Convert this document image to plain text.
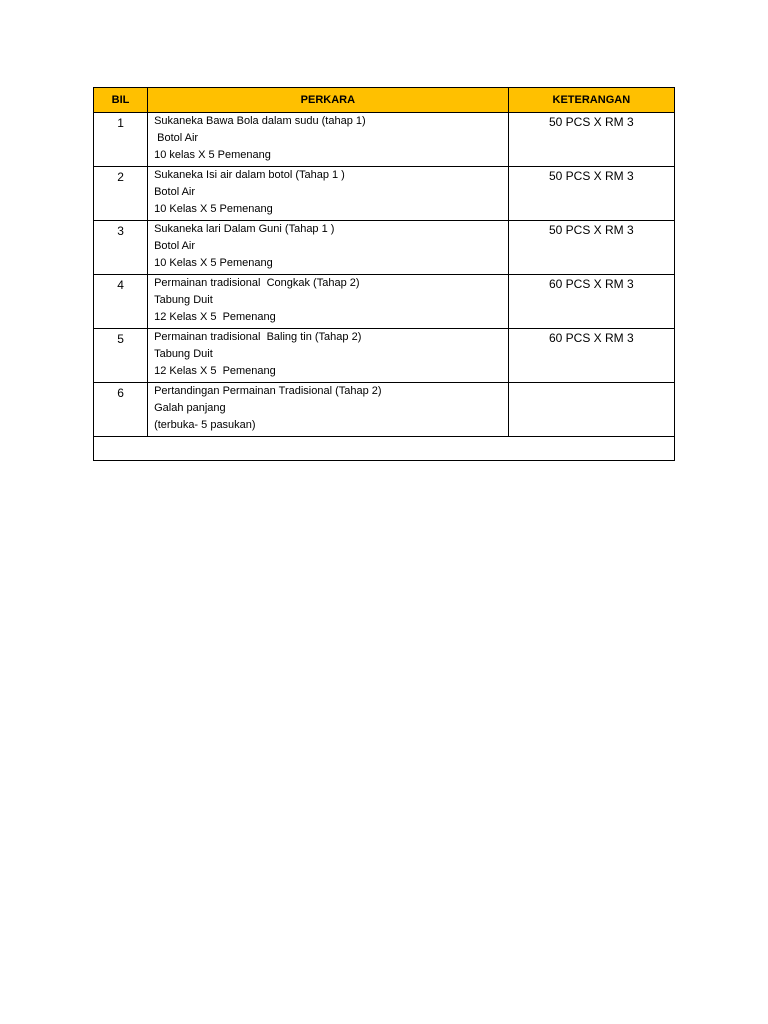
BIL	PERKARA	KETERANGAN
1	Sukaneka Bawa Bola dalam sudu (tahap 1)
Botol Air
10 kelas X 5 Pemenang	50 PCS X RM 3
2	Sukaneka Isi air dalam botol (Tahap 1 )
Botol Air
10 Kelas X 5 Pemenang	50 PCS X RM 3
3	Sukaneka lari Dalam Guni (Tahap 1 )
Botol Air
10 Kelas X 5 Pemenang	50 PCS X RM 3
4	Permainan tradisional  Congkak (Tahap 2)
Tabung Duit
12 Kelas X 5  Pemenang	60 PCS X RM 3
5	Permainan tradisional  Baling tin (Tahap 2)
Tabung Duit
12 Kelas X 5  Pemenang	60 PCS X RM 3
6	Pertandingan Permainan Tradisional (Tahap 2)
Galah panjang
(terbuka- 5 pasukan)	
